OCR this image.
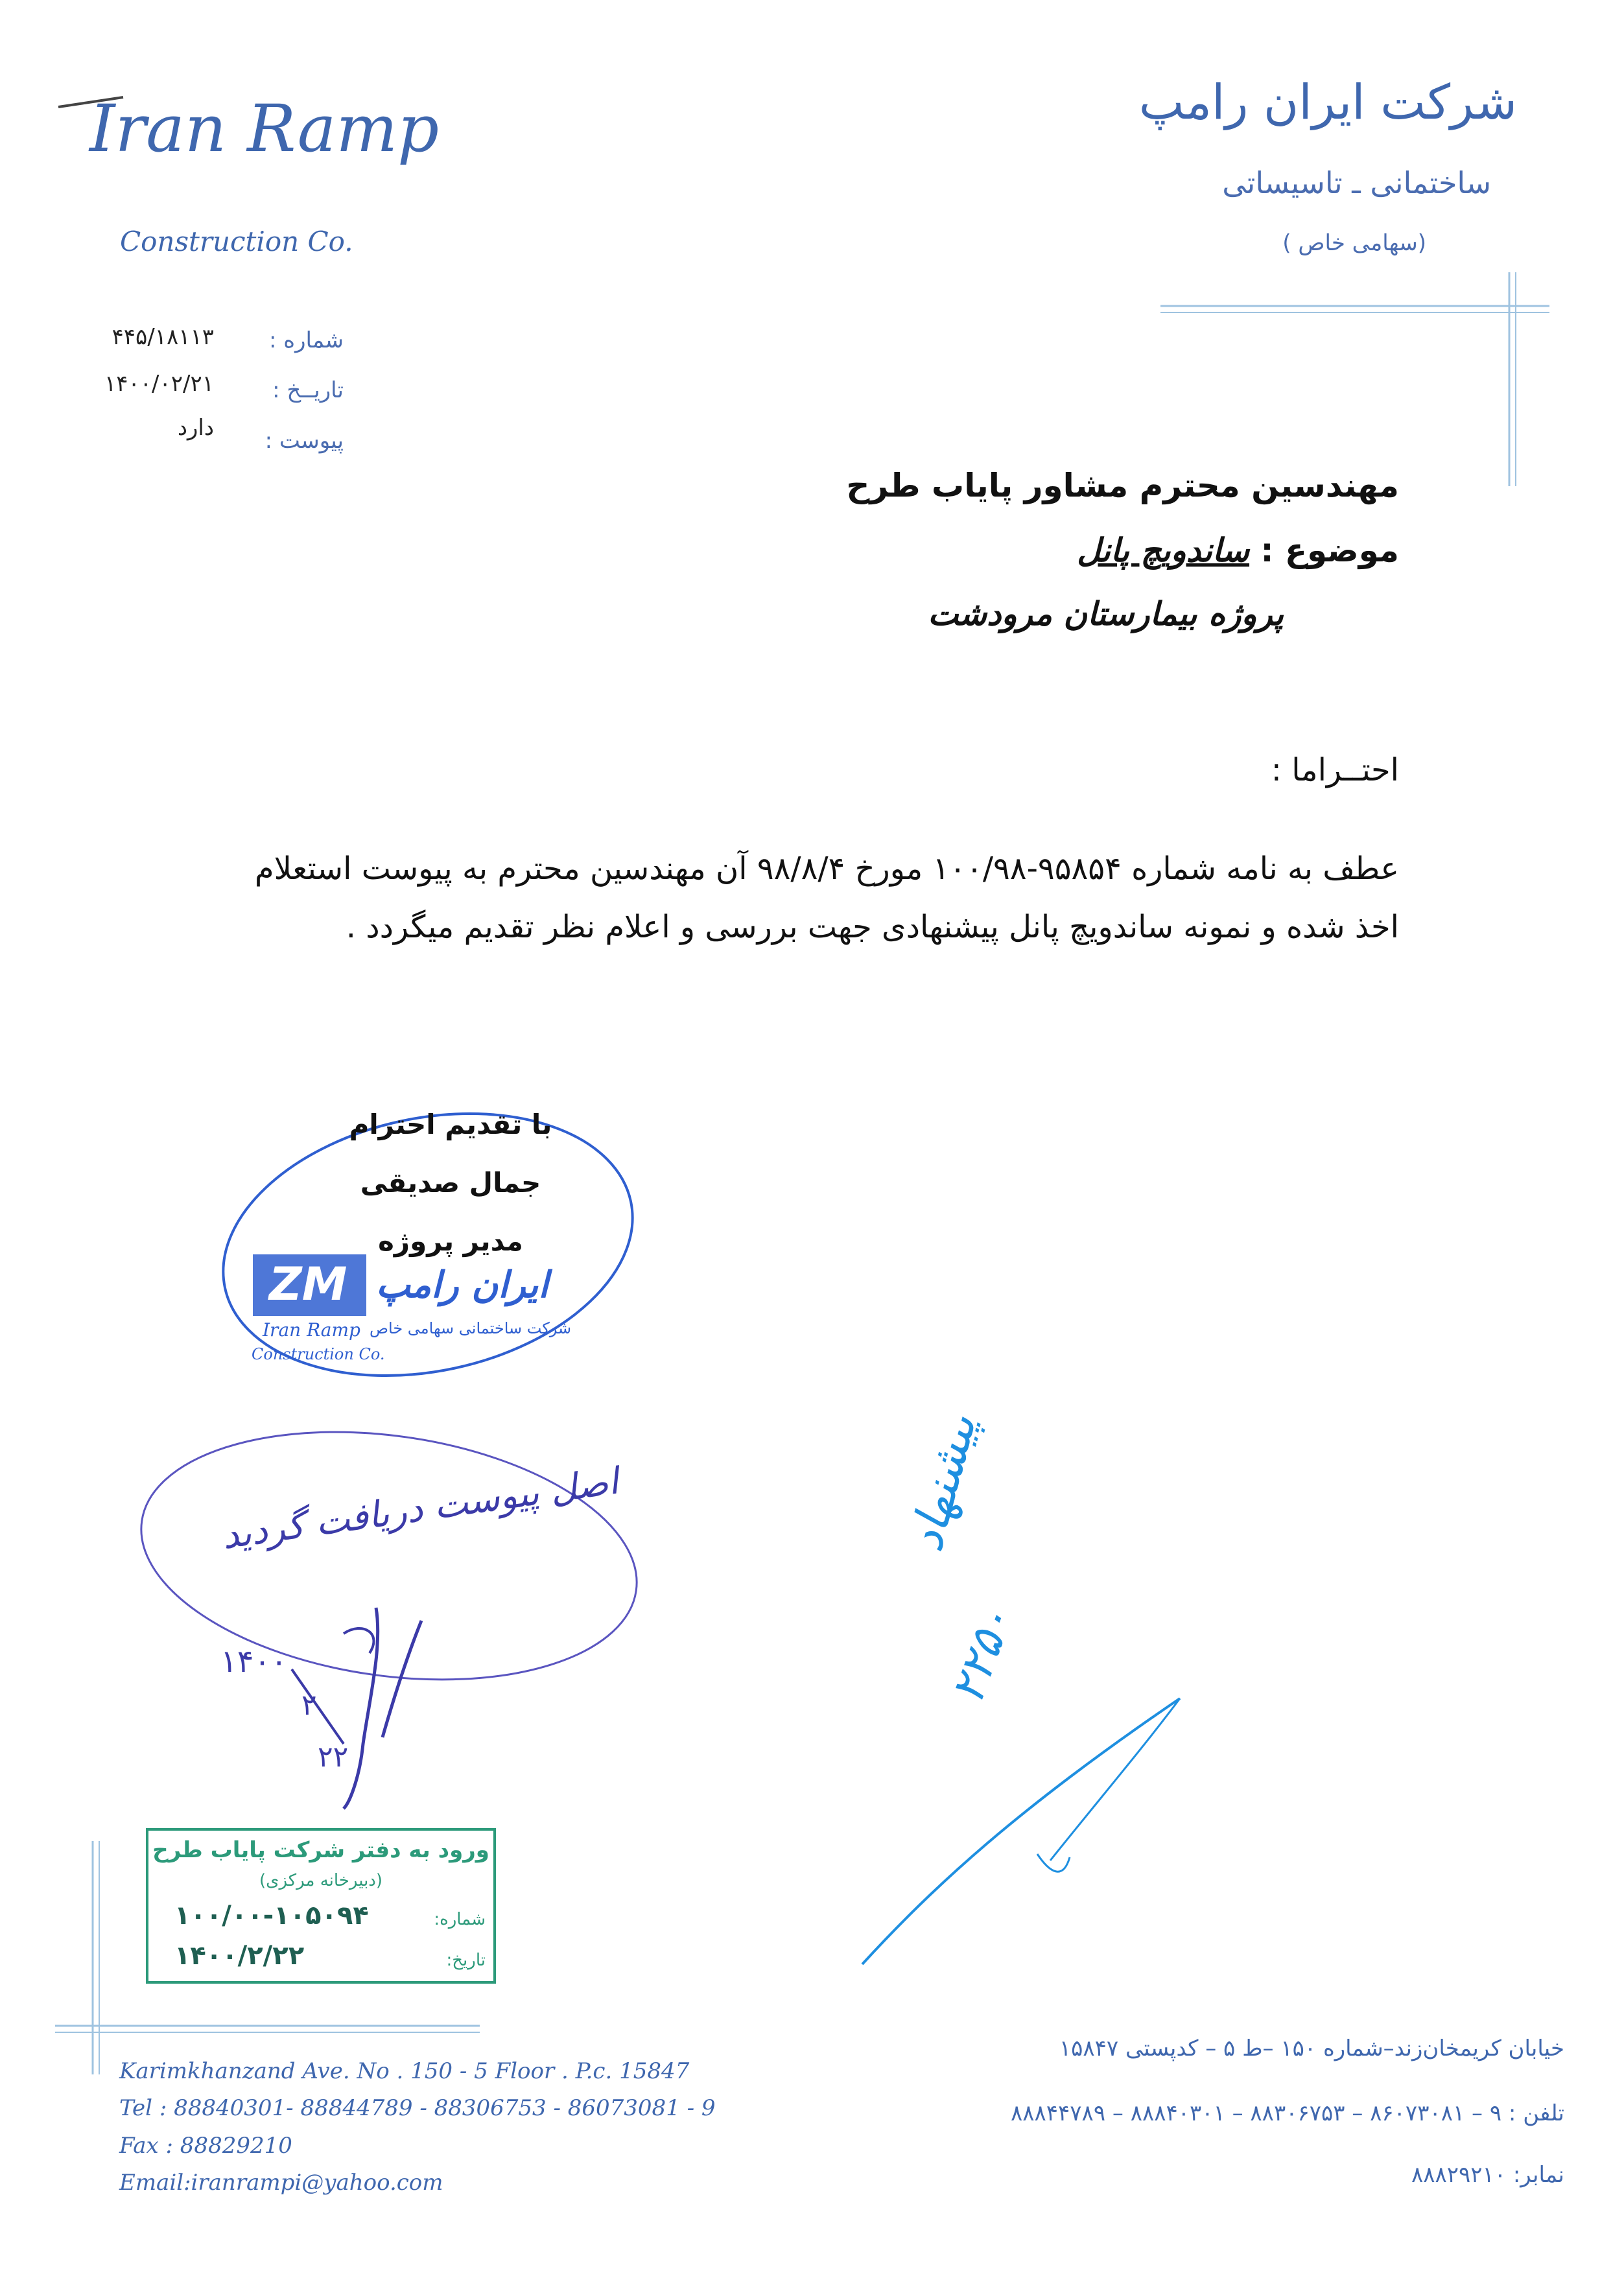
شرکت ایران رامپ
ساختمانی ـ تاسیساتی
(سهامی خاص )
Iran Ramp
Construction Co.
شماره :
۴۴۵/۱۸۱۱۳
تاریــخ :
۱۴۰۰/۰۲/۲۱
پیوست :
دارد
مهندسین محترم مشاور پایاب طرح
موضوع : ساندویچ پانل
پروژه بیمارستان مرودشت
احتــراما :
عطف به نامه شماره ۹۵۸۵۴-۱۰۰/۹۸ مورخ ۹۸/۸/۴ آن مهندسین محترم به پیوست استعلام
اخذ شده و نمونه ساندویچ پانل پیشنهادی جهت بررسی و اعلام نظر تقدیم میگردد .
ZM ایران رامپ
شرکت ساختمانی سهامی خاص
Iran Ramp
Construction Co.
با تقدیم احترام
جمال صدیقی
مدیر پروژه
اصل پیوست دریافت گردید
۱۴۰۰
۲
۲۲
پیشنهاد
۲۲۵۰
ورود به دفتر شرکت پایاب طرح
(دبیرخانه مرکزی)
شماره:
۱۰۰/۰۰-۱۰۵۰۹۴
تاریخ:
۱۴۰۰/۲/۲۲
Karimkhanzand Ave. No . 150 - 5 Floor . P.c. 15847
Tel : 88840301- 88844789 - 88306753 - 86073081 - 9
Fax : 88829210
Email:iranrampi@yahoo.com
خیابان کریمخان‌زند–شماره ۱۵۰ –ط ۵ – کدپستی ۱۵۸۴۷
تلفن : ۹ – ۸۶۰۷۳۰۸۱ – ۸۸۳۰۶۷۵۳ – ۸۸۸۴۰۳۰۱ – ۸۸۸۴۴۷۸۹
نمابر: ۸۸۸۲۹۲۱۰
